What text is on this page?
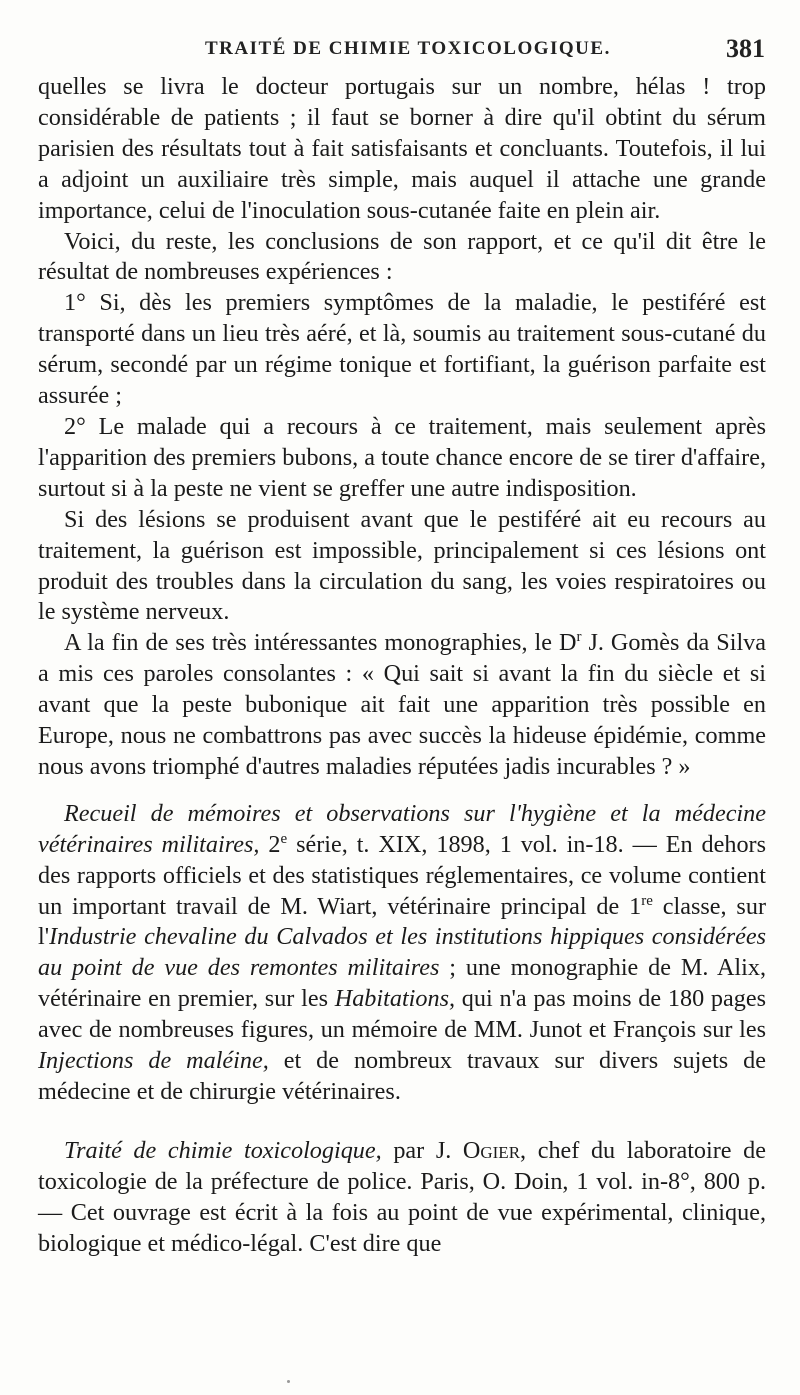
TRAITÉ DE CHIMIE TOXICOLOGIQUE.	381

quelles se livra le docteur portugais sur un nombre, hélas ! trop considérable de patients ; il faut se borner à dire qu'il obtint du sérum parisien des résultats tout à fait satisfaisants et concluants. Toutefois, il lui a adjoint un auxiliaire très simple, mais auquel il attache une grande importance, celui de l'inoculation sous-cutanée faite en plein air.

Voici, du reste, les conclusions de son rapport, et ce qu'il dit être le résultat de nombreuses expériences :

1° Si, dès les premiers symptômes de la maladie, le pestiféré est transporté dans un lieu très aéré, et là, soumis au traitement sous-cutané du sérum, secondé par un régime tonique et fortifiant, la guérison parfaite est assurée ;

2° Le malade qui a recours à ce traitement, mais seulement après l'apparition des premiers bubons, a toute chance encore de se tirer d'affaire, surtout si à la peste ne vient se greffer une autre indisposition.

Si des lésions se produisent avant que le pestiféré ait eu recours au traitement, la guérison est impossible, principalement si ces lésions ont produit des troubles dans la circulation du sang, les voies respiratoires ou le système nerveux.

A la fin de ses très intéressantes monographies, le $D^r$ J. Gomès da Silva a mis ces paroles consolantes : « Qui sait si avant la fin du siècle et si avant que la peste bubonique ait fait une apparition très possible en Europe, nous ne combattrons pas avec succès la hideuse épidémie, comme nous avons triomphé d'autres maladies réputées jadis incurables ? »

Recueil de mémoires et observations sur l'hygiène et la médecine vétérinaires militaires, 2e série, t. XIX, 1898, 1 vol. in-18. — En dehors des rapports officiels et des statistiques réglementaires, ce volume contient un important travail de M. Wiart, vétérinaire principal de 1re classe, sur l'Industrie chevaline du Calvados et les institutions hippiques considérées au point de vue des remontes militaires ; une monographie de M. Alix, vétérinaire en premier, sur les Habitations, qui n'a pas moins de 180 pages avec de nombreuses figures, un mémoire de MM. Junot et François sur les Injections de maléine, et de nombreux travaux sur divers sujets de médecine et de chirurgie vétérinaires.

Traité de chimie toxicologique, par J. Ogier, chef du laboratoire de toxicologie de la préfecture de police. Paris, O. Doin, 1 vol. in-8°, 800 p. — Cet ouvrage est écrit à la fois au point de vue expérimental, clinique, biologique et médico-légal. C'est dire que
